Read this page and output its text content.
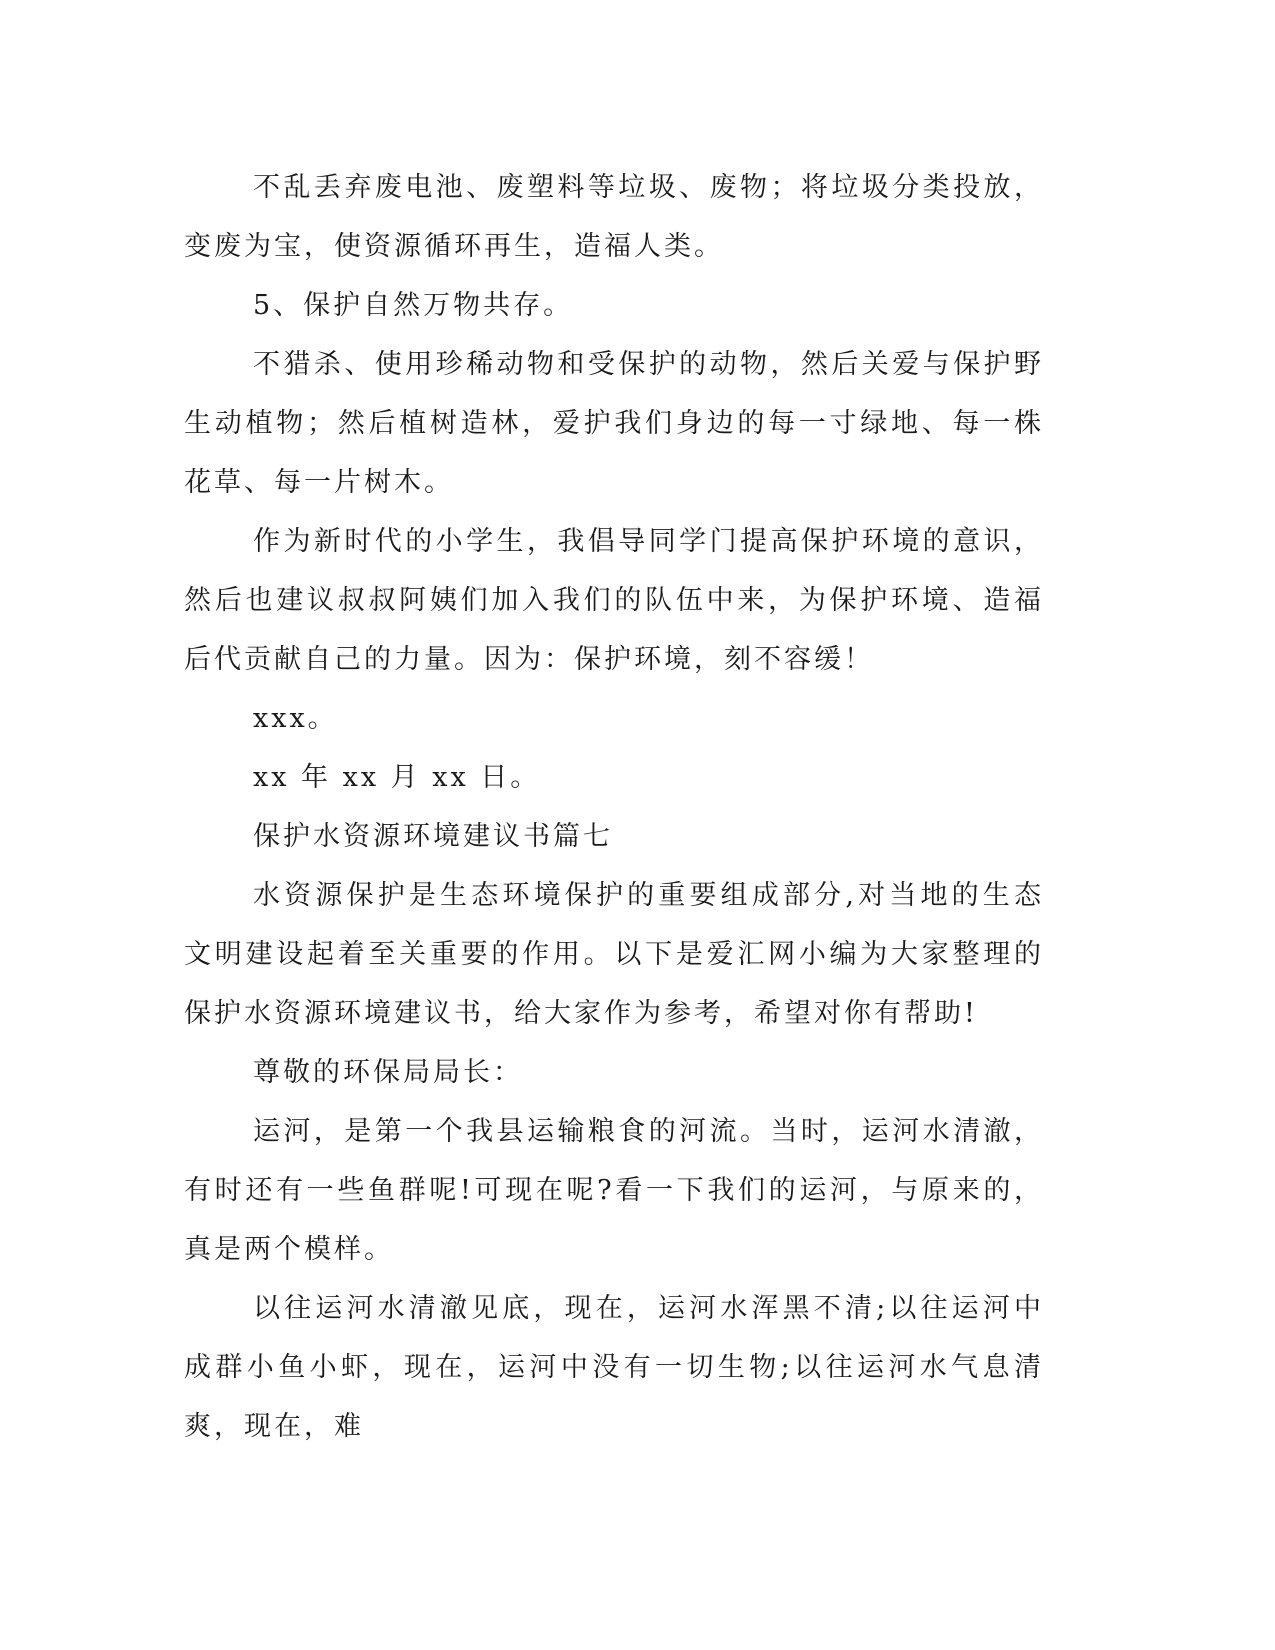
不乱丢弃废电池、废塑料等垃圾、废物；将垃圾分类投放，变废为宝，使资源循环再生，造福人类。

5、保护自然万物共存。

不猎杀、使用珍稀动物和受保护的动物，然后关爱与保护野生动植物；然后植树造林，爱护我们身边的每一寸绿地、每一株花草、每一片树木。

作为新时代的小学生，我倡导同学门提高保护环境的意识，然后也建议叔叔阿姨们加入我们的队伍中来，为保护环境、造福后代贡献自己的力量。因为：保护环境，刻不容缓！

xxx。

xx 年 xx 月 xx 日。

保护水资源环境建议书篇七

水资源保护是生态环境保护的重要组成部分,对当地的生态文明建设起着至关重要的作用。以下是爱汇网小编为大家整理的保护水资源环境建议书，给大家作为参考，希望对你有帮助!

尊敬的环保局局长：

运河，是第一个我县运输粮食的河流。当时，运河水清澈，有时还有一些鱼群呢!可现在呢?看一下我们的运河，与原来的，真是两个模样。

以往运河水清澈见底，现在，运河水浑黑不清;以往运河中成群小鱼小虾，现在，运河中没有一切生物;以往运河水气息清爽，现在，难
